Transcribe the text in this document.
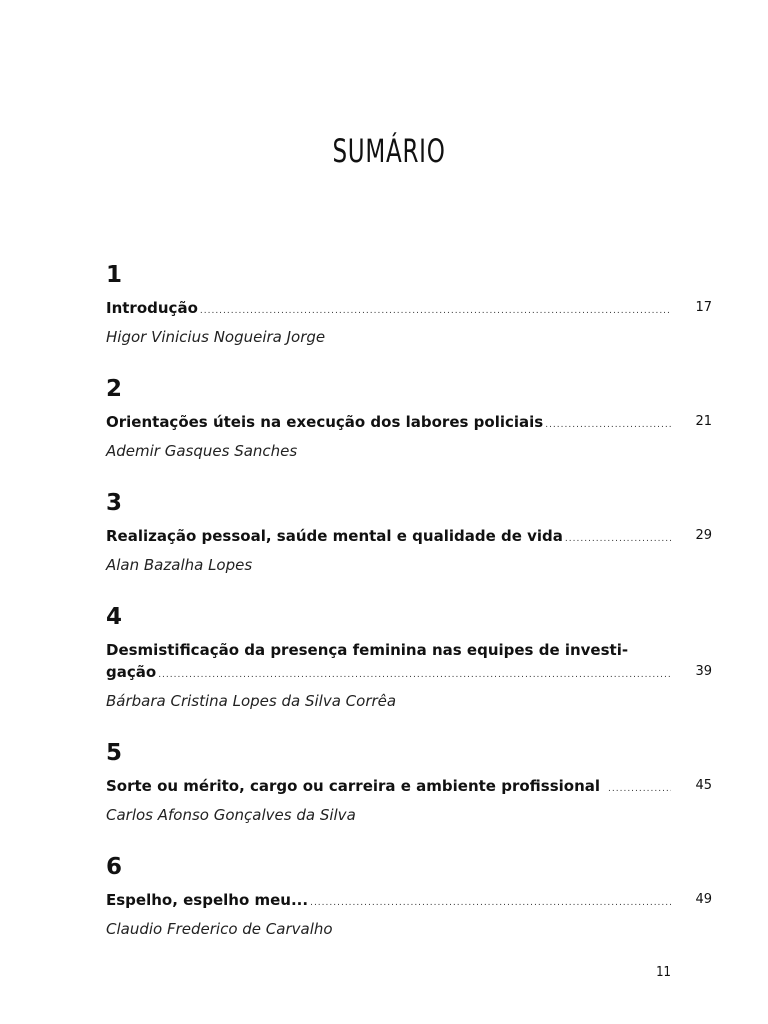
SUMÁRIO
1
Introdução .....	17
Higor Vinicius Nogueira Jorge
2
Orientações úteis na execução dos labores policiais .....	21
Ademir Gasques Sanches
3
Realização pessoal, saúde mental e qualidade de vida .....	29
Alan Bazalha Lopes
4
Desmistificação da presença feminina nas equipes de investi-
gação .....	39
Bárbara Cristina Lopes da Silva Corrêa
5
Sorte ou mérito, cargo ou carreira e ambiente profissional .....	45
Carlos Afonso Gonçalves da Silva
6
Espelho, espelho meu... .....	49
Claudio Frederico de Carvalho
11
